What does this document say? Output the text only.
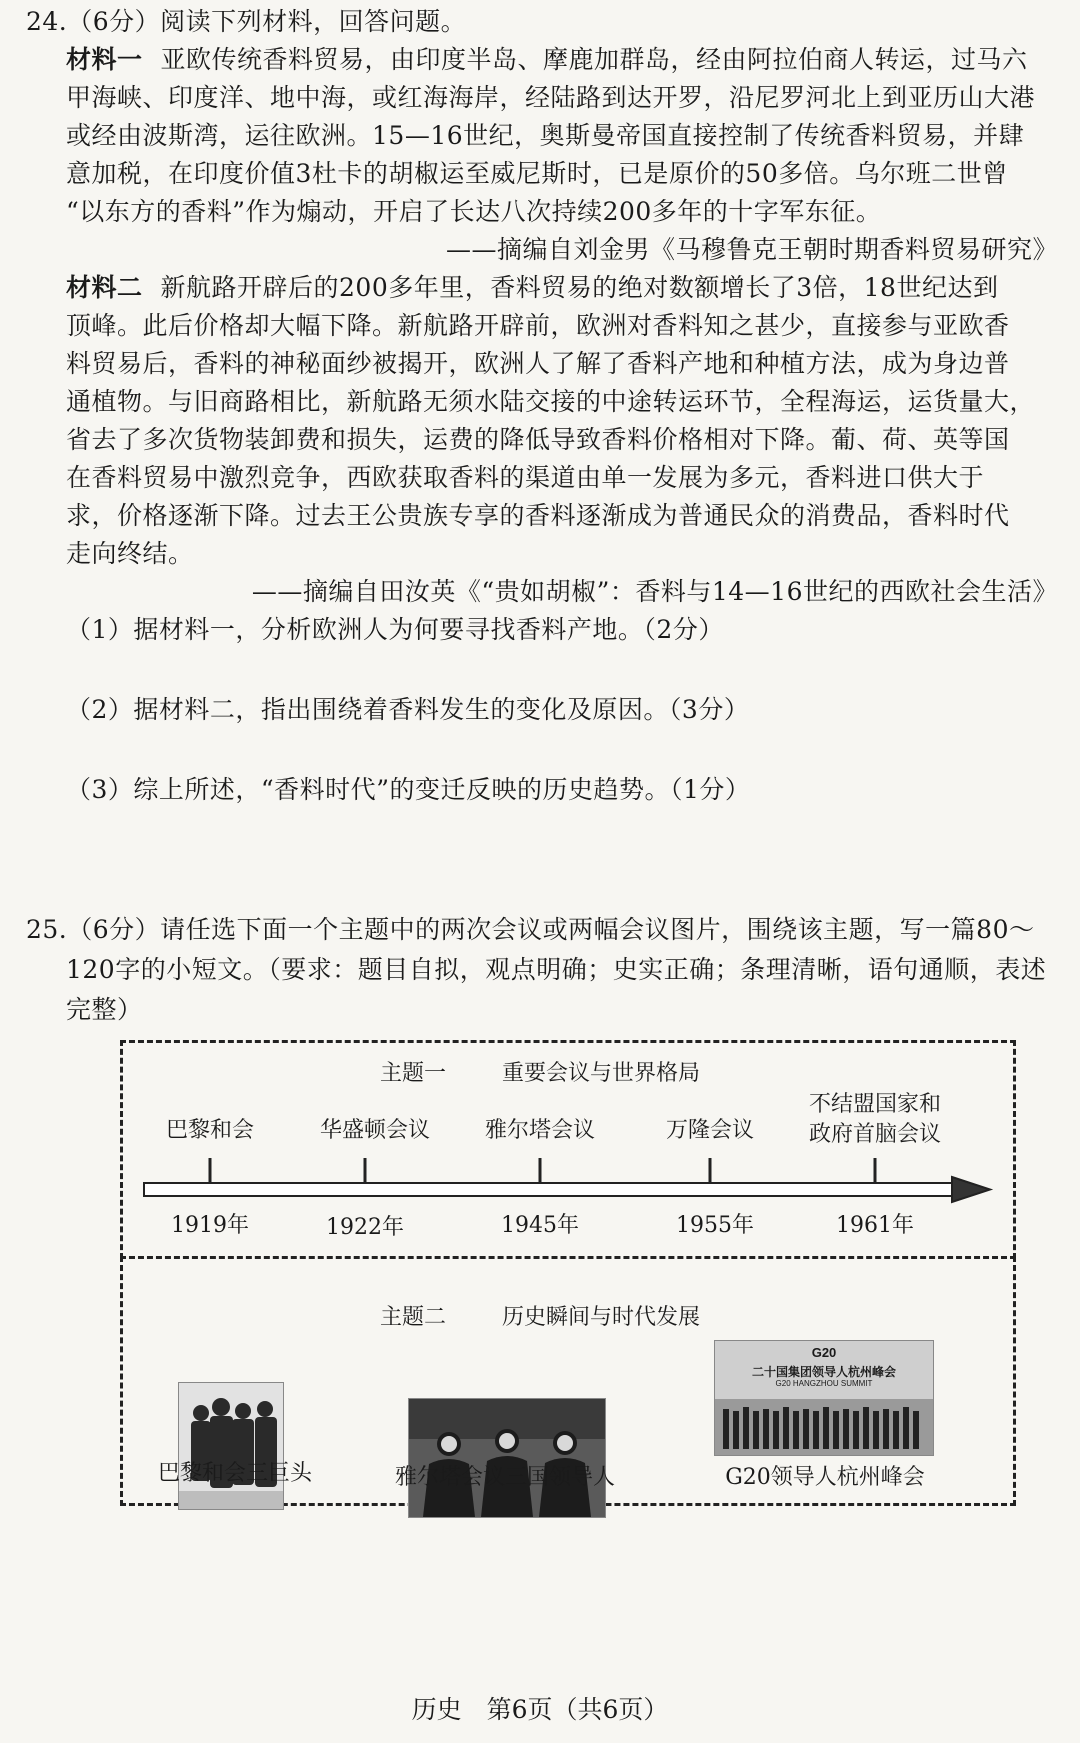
24.（6分）阅读下列材料，回答问题。
材料一 亚欧传统香料贸易，由印度半岛、摩鹿加群岛，经由阿拉伯商人转运，过马六
甲海峡、印度洋、地中海，或红海海岸，经陆路到达开罗，沿尼罗河北上到亚历山大港
或经由波斯湾，运往欧洲。15—16世纪，奥斯曼帝国直接控制了传统香料贸易，并肆
意加税，在印度价值3杜卡的胡椒运至威尼斯时，已是原价的50多倍。乌尔班二世曾
“以东方的香料”作为煽动，开启了长达八次持续200多年的十字军东征。
——摘编自刘金男《马穆鲁克王朝时期香料贸易研究》
材料二 新航路开辟后的200多年里，香料贸易的绝对数额增长了3倍，18世纪达到
顶峰。此后价格却大幅下降。新航路开辟前，欧洲对香料知之甚少，直接参与亚欧香
料贸易后，香料的神秘面纱被揭开，欧洲人了解了香料产地和种植方法，成为身边普
通植物。与旧商路相比，新航路无须水陆交接的中途转运环节，全程海运，运货量大，
省去了多次货物装卸费和损失，运费的降低导致香料价格相对下降。葡、荷、英等国
在香料贸易中激烈竞争，西欧获取香料的渠道由单一发展为多元，香料进口供大于
求，价格逐渐下降。过去王公贵族专享的香料逐渐成为普通民众的消费品，香料时代
走向终结。
——摘编自田汝英《“贵如胡椒”：香料与14—16世纪的西欧社会生活》
（1）据材料一，分析欧洲人为何要寻找香料产地。（2分）
（2）据材料二，指出围绕着香料发生的变化及原因。（3分）
（3）综上所述，“香料时代”的变迁反映的历史趋势。（1分）
25.（6分）请任选下面一个主题中的两次会议或两幅会议图片，围绕该主题，写一篇80～
120字的小短文。（要求：题目自拟，观点明确；史实正确；条理清晰，语句通顺，表述
完整）
主题一	重要会议与世界格局
巴黎和会	华盛顿会议	雅尔塔会议	万隆会议
不结盟国家和
政府首脑会议
1919年	1922年	1945年	1955年	1961年
主题二	历史瞬间与时代发展
巴黎和会三巨头	雅尔塔会议三国领导人
G20
二十国集团领导人杭州峰会
G20 HANGZHOU SUMMIT
G20领导人杭州峰会
历史　第6页（共6页）
